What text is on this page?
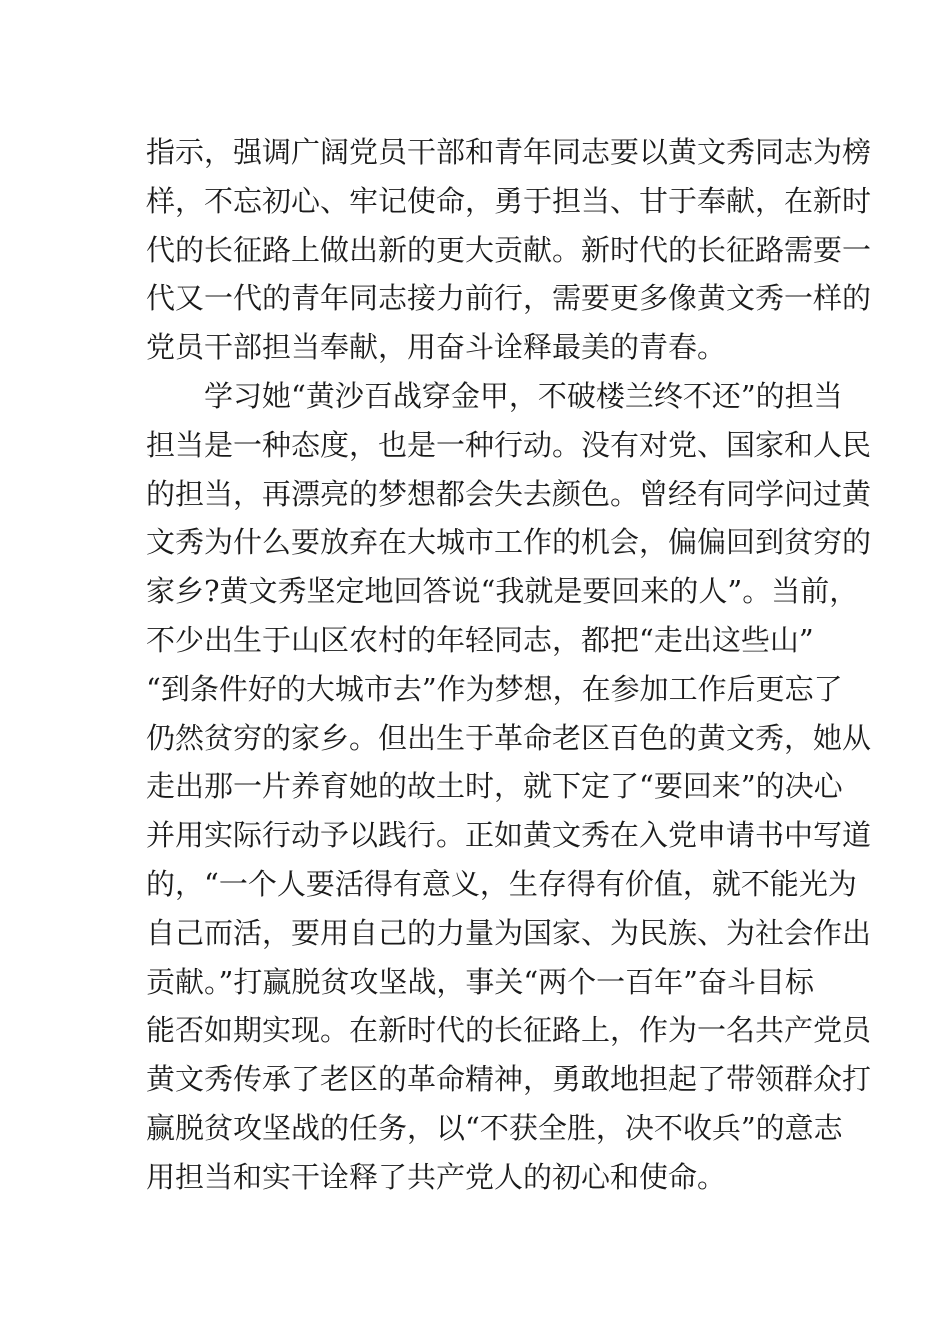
指示，强调广阔党员干部和青年同志要以黄文秀同志为榜
样，不忘初心、牢记使命，勇于担当、甘于奉献，在新时
代的长征路上做出新的更大贡献。新时代的长征路需要一
代又一代的青年同志接力前行，需要更多像黄文秀一样的
党员干部担当奉献，用奋斗诠释最美的青春。
学习她“黄沙百战穿金甲，不破楼兰终不还”的担当
担当是一种态度，也是一种行动。没有对党、国家和人民
的担当，再漂亮的梦想都会失去颜色。曾经有同学问过黄
文秀为什么要放弃在大城市工作的机会，偏偏回到贫穷的
家乡?黄文秀坚定地回答说“我就是要回来的人”。当前，
不少出生于山区农村的年轻同志，都把“走出这些山”
“到条件好的大城市去”作为梦想，在参加工作后更忘了
仍然贫穷的家乡。但出生于革命老区百色的黄文秀，她从
走出那一片养育她的故土时，就下定了“要回来”的决心
并用实际行动予以践行。正如黄文秀在入党申请书中写道
的，“一个人要活得有意义，生存得有价值，就不能光为
自己而活，要用自己的力量为国家、为民族、为社会作出
贡献。”打赢脱贫攻坚战，事关“两个一百年”奋斗目标
能否如期实现。在新时代的长征路上，作为一名共产党员
黄文秀传承了老区的革命精神，勇敢地担起了带领群众打
赢脱贫攻坚战的任务，以“不获全胜，决不收兵”的意志
用担当和实干诠释了共产党人的初心和使命。
